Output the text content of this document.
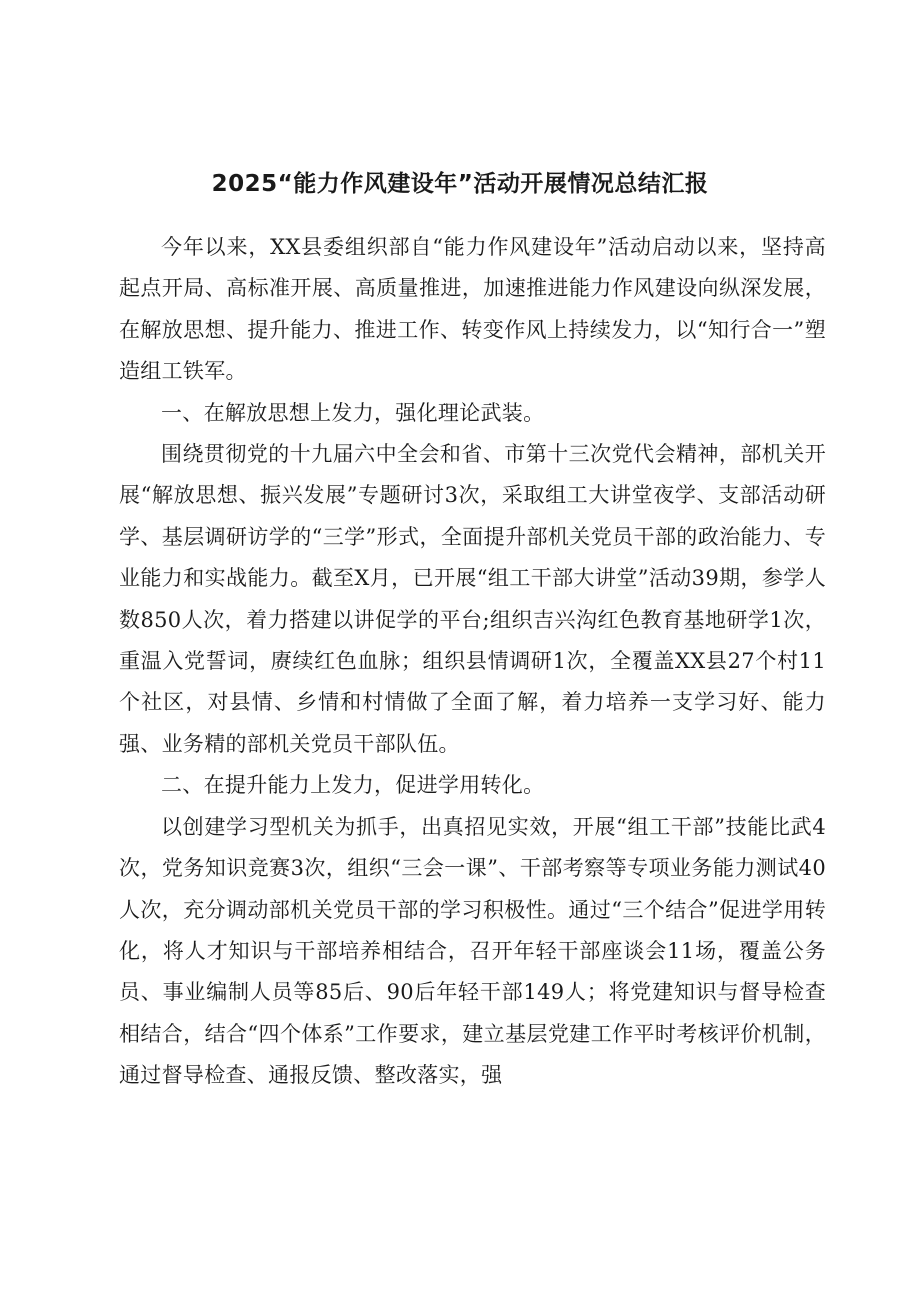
2025“能力作风建设年”活动开展情况总结汇报

今年以来，XX县委组织部自“能力作风建设年”活动启动以来，坚持高起点开局、高标准开展、高质量推进，加速推进能力作风建设向纵深发展，在解放思想、提升能力、推进工作、转变作风上持续发力，以“知行合一”塑造组工铁军。

一、在解放思想上发力，强化理论武装。

围绕贯彻党的十九届六中全会和省、市第十三次党代会精神，部机关开展“解放思想、振兴发展”专题研讨3次，采取组工大讲堂夜学、支部活动研学、基层调研访学的“三学”形式，全面提升部机关党员干部的政治能力、专业能力和实战能力。截至X月，已开展“组工干部大讲堂”活动39期，参学人数850人次，着力搭建以讲促学的平台;组织吉兴沟红色教育基地研学1次，重温入党誓词，赓续红色血脉；组织县情调研1次，全覆盖XX县27个村11个社区，对县情、乡情和村情做了全面了解，着力培养一支学习好、能力强、业务精的部机关党员干部队伍。

二、在提升能力上发力，促进学用转化。

以创建学习型机关为抓手，出真招见实效，开展“组工干部”技能比武4次，党务知识竞赛3次，组织“三会一课”、干部考察等专项业务能力测试40人次，充分调动部机关党员干部的学习积极性。通过“三个结合”促进学用转化，将人才知识与干部培养相结合，召开年轻干部座谈会11场，覆盖公务员、事业编制人员等85后、90后年轻干部149人；将党建知识与督导检查相结合，结合“四个体系”工作要求，建立基层党建工作平时考核评价机制，通过督导检查、通报反馈、整改落实，强
